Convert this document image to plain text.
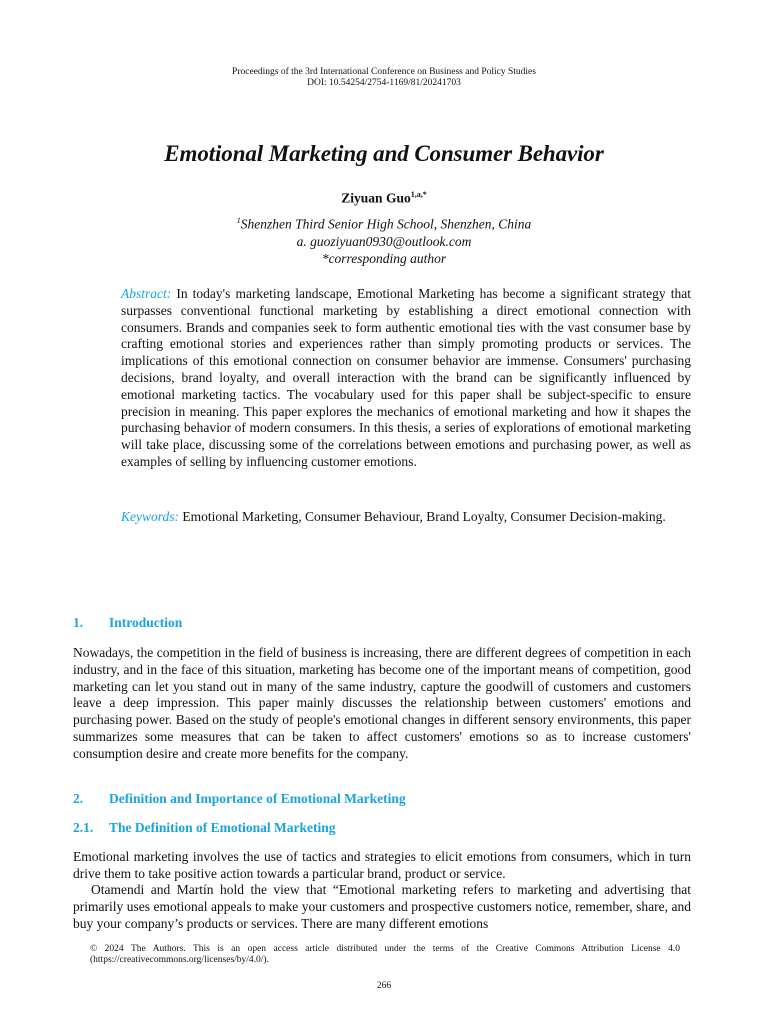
Proceedings of the 3rd International Conference on Business and Policy Studies
DOI: 10.54254/2754-1169/81/20241703
Emotional Marketing and Consumer Behavior
Ziyuan Guo$^{1,a,*}$
$^1$Shenzhen Third Senior High School, Shenzhen, China
a. guoziyuan0930@outlook.com
*corresponding author
Abstract: In today's marketing landscape, Emotional Marketing has become a significant strategy that surpasses conventional functional marketing by establishing a direct emotional connection with consumers. Brands and companies seek to form authentic emotional ties with the vast consumer base by crafting emotional stories and experiences rather than simply promoting products or services. The implications of this emotional connection on consumer behavior are immense. Consumers' purchasing decisions, brand loyalty, and overall interaction with the brand can be significantly influenced by emotional marketing tactics. The vocabulary used for this paper shall be subject-specific to ensure precision in meaning. This paper explores the mechanics of emotional marketing and how it shapes the purchasing behavior of modern consumers. In this thesis, a series of explorations of emotional marketing will take place, discussing some of the correlations between emotions and purchasing power, as well as examples of selling by influencing customer emotions.
Keywords: Emotional Marketing, Consumer Behaviour, Brand Loyalty, Consumer Decision-making.
1. Introduction

Nowadays, the competition in the field of business is increasing, there are different degrees of competition in each industry, and in the face of this situation, marketing has become one of the important means of competition, good marketing can let you stand out in many of the same industry, capture the goodwill of customers and customers leave a deep impression. This paper mainly discusses the relationship between customers' emotions and purchasing power. Based on the study of people's emotional changes in different sensory environments, this paper summarizes some measures that can be taken to affect customers' emotions so as to increase customers' consumption desire and create more benefits for the company.

2. Definition and Importance of Emotional Marketing
2.1. The Definition of Emotional Marketing

Emotional marketing involves the use of tactics and strategies to elicit emotions from consumers, which in turn drive them to take positive action towards a particular brand, product or service.

Otamendi and Martín hold the view that “Emotional marketing refers to marketing and advertising that primarily uses emotional appeals to make your customers and prospective customers notice, remember, share, and buy your company’s products or services. There are many different emotions

© 2024 The Authors. This is an open access article distributed under the terms of the Creative Commons Attribution License 4.0 (https://creativecommons.org/licenses/by/4.0/).
266
